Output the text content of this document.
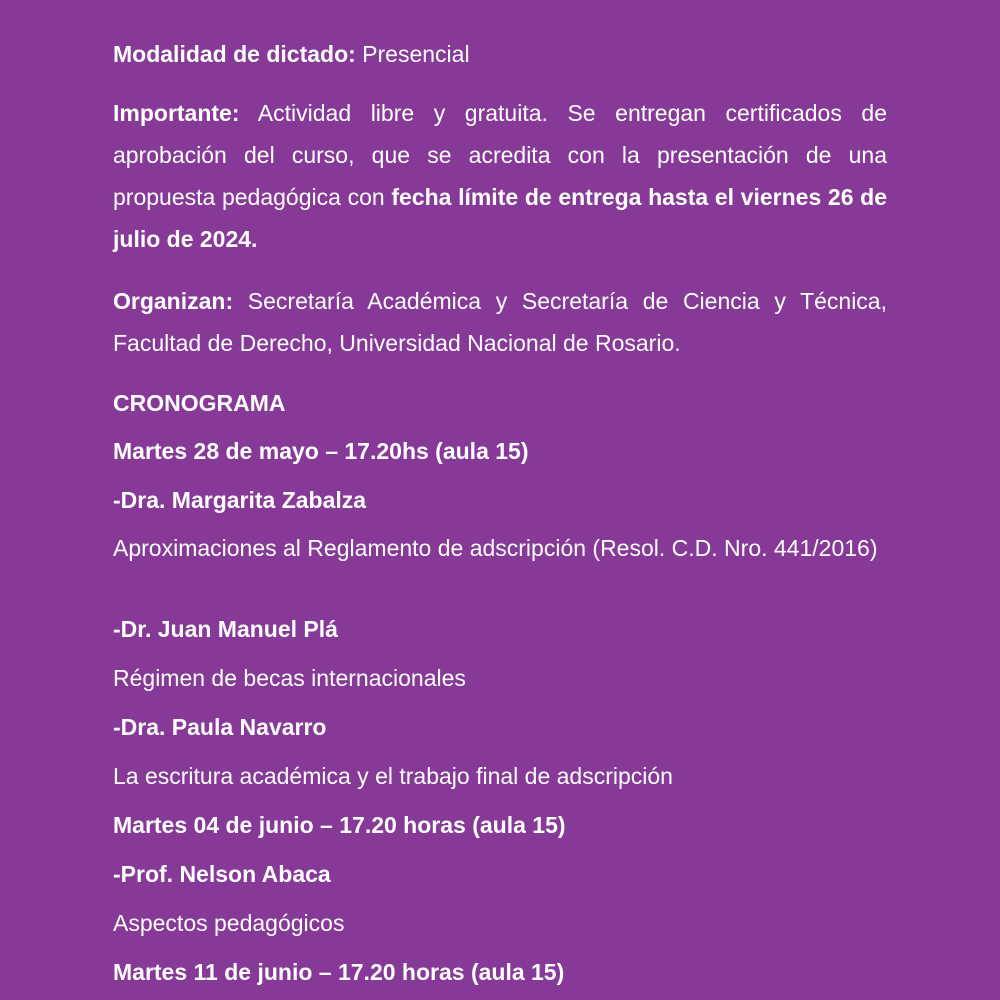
Modalidad de dictado: Presencial

Importante: Actividad libre y gratuita. Se entregan certificados de aprobación del curso, que se acredita con la presentación de una propuesta pedagógica con fecha límite de entrega hasta el viernes 26 de julio de 2024.

Organizan: Secretaría Académica y Secretaría de Ciencia y Técnica, Facultad de Derecho, Universidad Nacional de Rosario.

CRONOGRAMA

Martes 28 de mayo – 17.20hs (aula 15)

-Dra. Margarita Zabalza

Aproximaciones al Reglamento de adscripción (Resol. C.D. Nro. 441/2016)

-Dr. Juan Manuel Plá

Régimen de becas internacionales

-Dra. Paula Navarro

La escritura académica y el trabajo final de adscripción

Martes 04 de junio – 17.20 horas (aula 15)

-Prof. Nelson Abaca

Aspectos pedagógicos

Martes 11 de junio – 17.20 horas (aula 15)
